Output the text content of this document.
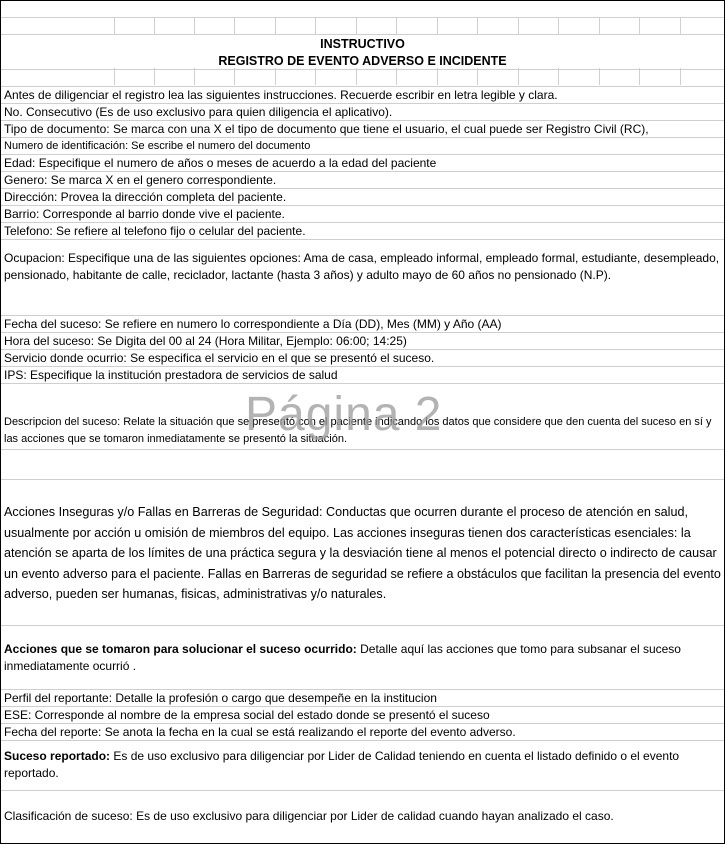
INSTRUCTIVO
REGISTRO DE EVENTO ADVERSO E INCIDENTE
Antes de diligenciar el registro lea las siguientes instrucciones. Recuerde escribir en letra legible y clara.
No. Consecutivo (Es de uso exclusivo para quien diligencia el aplicativo).
Tipo de documento: Se marca con una X el tipo de documento que tiene el usuario, el cual puede ser Registro Civil (RC),
Numero de identificación: Se escribe el numero del documento
Edad: Especifique el numero de años o meses de acuerdo a la edad del paciente
Genero: Se marca X en el genero correspondiente.
Dirección: Provea la dirección completa del paciente.
Barrio: Corresponde al barrio donde vive el paciente.
Telefono: Se refiere al telefono fijo o celular del paciente.
Ocupacion: Especifique una de las siguientes opciones: Ama de casa, empleado informal, empleado formal, estudiante, desempleado, pensionado, habitante de calle, reciclador, lactante (hasta 3 años) y adulto mayo de 60 años no pensionado (N.P).
Fecha del suceso: Se refiere en numero lo correspondiente a Día (DD), Mes (MM) y Año (AA)
Hora del suceso: Se Digita del 00 al 24 (Hora Militar, Ejemplo: 06:00; 14:25)
Servicio donde ocurrio: Se especifica el servicio en el que se presentó el suceso.
IPS: Especifique la institución prestadora de servicios de salud
Descripcion del suceso: Relate la situación que se presentó con el paciente indicando los datos que considere que den cuenta del suceso en sí y las acciones que se tomaron inmediatamente se presentó la situación.
Acciones Inseguras y/o Fallas en Barreras de Seguridad: Conductas que ocurren durante el proceso de atención en salud, usualmente por acción u omisión de miembros del equipo. Las acciones inseguras tienen dos características esenciales: la atención se aparta de los límites de una práctica segura y la desviación tiene al menos el potencial directo o indirecto de causar un evento adverso para el paciente. Fallas en Barreras de seguridad se refiere a obstáculos que facilitan la presencia del evento adverso, pueden ser humanas, fisicas, administrativas y/o naturales.
Acciones que se tomaron para solucionar el suceso ocurrido: Detalle aquí las acciones que tomo para subsanar el suceso inmediatamente ocurrió .
Perfil del reportante: Detalle la profesión o cargo que desempeñe en la institucion
ESE: Corresponde al nombre de la empresa social del estado donde se presentó el suceso
Fecha del reporte: Se anota la fecha en la cual se está realizando el reporte del evento adverso.
Suceso reportado: Es de uso exclusivo para diligenciar por Lider de Calidad teniendo en cuenta el listado definido o el evento reportado.
Clasificación de suceso: Es de uso exclusivo para diligenciar por Lider de calidad cuando hayan analizado el caso.
Página 2
